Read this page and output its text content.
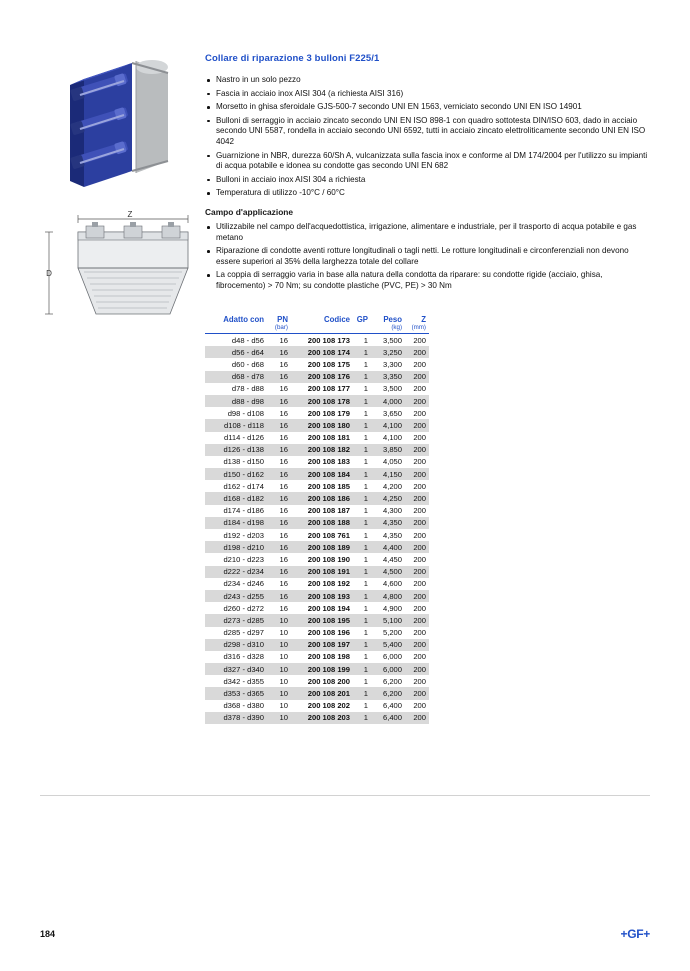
Z
D
Collare di riparazione 3 bulloni F225/1
Nastro in un solo pezzo
Fascia in acciaio inox AISI 304 (a richiesta AISI 316)
Morsetto in ghisa sferoidale GJS-500-7 secondo UNI EN 1563, verniciato secondo UNI EN ISO 14901
Bulloni di serraggio in acciaio zincato secondo UNI EN ISO 898-1 con quadro sottotesta DIN/ISO 603, dado in acciaio secondo UNI 5587, rondella in acciaio secondo UNI 6592, tutti in acciaio zincato elettroliticamente secondo UNI EN ISO 4042
Guarnizione in NBR, durezza 60/Sh A, vulcanizzata sulla fascia inox e conforme al DM 174/2004 per l'utilizzo su impianti di acqua potabile e idonea su condotte gas secondo UNI EN 682
Bulloni in acciaio inox AISI 304 a richiesta
Temperatura di utilizzo -10°C / 60°C
Campo d'applicazione
Utilizzabile nel campo dell'acquedottistica, irrigazione, alimentare e industriale, per il trasporto di acqua potabile e gas metano
Riparazione di condotte aventi rotture longitudinali o tagli netti. Le rotture longitudinali e circonferenziali non devono essere superiori al 35% della larghezza totale del collare
La coppia di serraggio varia in base alla natura della condotta da riparare: su condotte rigide (acciaio, ghisa, fibrocemento) > 70 Nm; su condotte plastiche (PVC, PE) > 30 Nm
Adatto con	PN	Codice	GP	Peso	Z
	(bar)			(kg)	(mm)
d48 - d56	16	200 108 173	1	3,500	200
d56 - d64	16	200 108 174	1	3,250	200
d60 - d68	16	200 108 175	1	3,300	200
d68 - d78	16	200 108 176	1	3,350	200
d78 - d88	16	200 108 177	1	3,500	200
d88 - d98	16	200 108 178	1	4,000	200
d98 - d108	16	200 108 179	1	3,650	200
d108 - d118	16	200 108 180	1	4,100	200
d114 - d126	16	200 108 181	1	4,100	200
d126 - d138	16	200 108 182	1	3,850	200
d138 - d150	16	200 108 183	1	4,050	200
d150 - d162	16	200 108 184	1	4,150	200
d162 - d174	16	200 108 185	1	4,200	200
d168 - d182	16	200 108 186	1	4,250	200
d174 - d186	16	200 108 187	1	4,300	200
d184 - d198	16	200 108 188	1	4,350	200
d192 - d203	16	200 108 761	1	4,350	200
d198 - d210	16	200 108 189	1	4,400	200
d210 - d223	16	200 108 190	1	4,450	200
d222 - d234	16	200 108 191	1	4,500	200
d234 - d246	16	200 108 192	1	4,600	200
d243 - d255	16	200 108 193	1	4,800	200
d260 - d272	16	200 108 194	1	4,900	200
d273 - d285	10	200 108 195	1	5,100	200
d285 - d297	10	200 108 196	1	5,200	200
d298 - d310	10	200 108 197	1	5,400	200
d316 - d328	10	200 108 198	1	6,000	200
d327 - d340	10	200 108 199	1	6,000	200
d342 - d355	10	200 108 200	1	6,200	200
d353 - d365	10	200 108 201	1	6,200	200
d368 - d380	10	200 108 202	1	6,400	200
d378 - d390	10	200 108 203	1	6,400	200
184	+GF+
